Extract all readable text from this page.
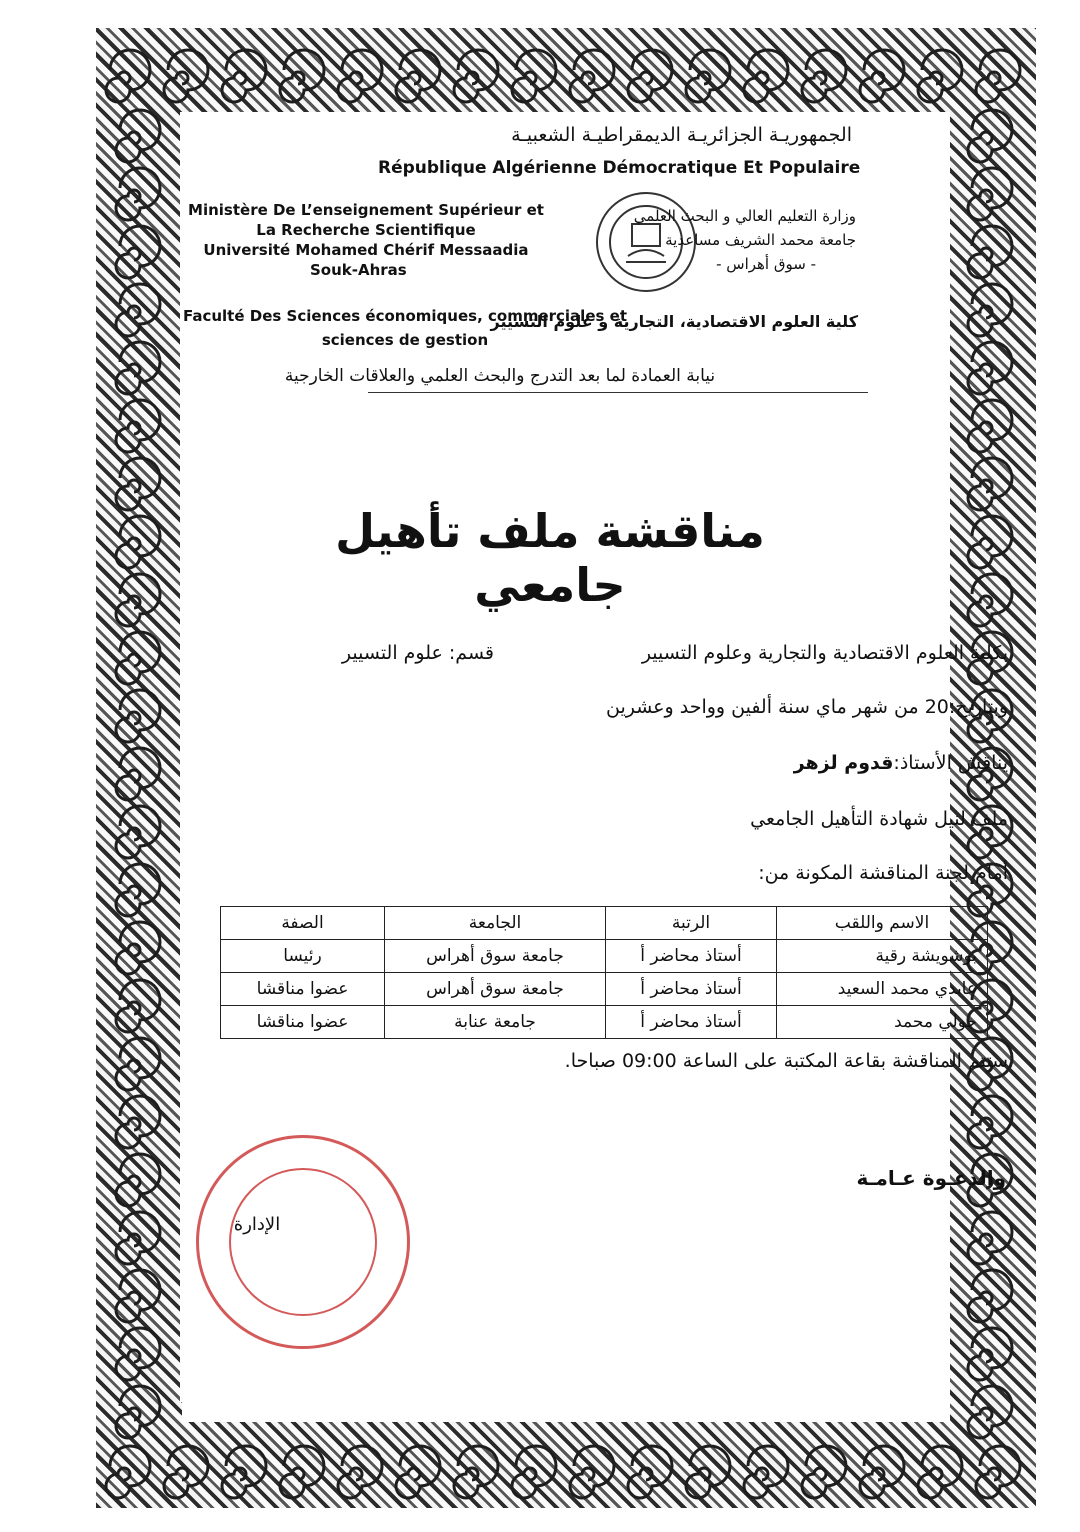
الجمهوريـة الجزائريـة الديمقراطيـة الشعبيـة
République Algérienne Démocratique Et Populaire
Ministère De L’enseignement Supérieur et
La Recherche Scientifique
Université Mohamed Chérif Messaadia
Souk-Ahras
Faculté Des Sciences économiques, commerciales et
sciences de gestion
وزارة التعليم العالي و البحث العلمي
جامعة محمد الشريف مساعدية
- سوق أهراس -
كلية العلوم الاقتصادية، التجارية و علوم التسيير
نيابة العمادة لما بعد التدرج والبحث العلمي والعلاقات الخارجية
مناقشة ملف تأهيل جامعي
بكلية العلوم الاقتصادية والتجارية وعلوم التسيير
قسم: علوم التسيير
وبتاريخ:20 من شهر ماي سنة ألفين وواحد وعشرين
يناقش الأستاذ:قدوم لزهر
ملف لنيل شهادة التأهيل الجامعي
أمام لجنة المناقشة المكونة من:
الاسم واللقب	الرتبة	الجامعة	الصفة
بوشويشة رقية	أستاذ محاضر أ	جامعة سوق أهراس	رئيسا
عابدي محمد السعيد	أستاذ محاضر أ	جامعة سوق أهراس	عضوا مناقشا
حولي محمد	أستاذ محاضر أ	جامعة عنابة	عضوا مناقشا
ستتم المناقشة بقاعة المكتبة على الساعة 09:00 صباحا.
والدعـوة عـامـة
الإدارة
